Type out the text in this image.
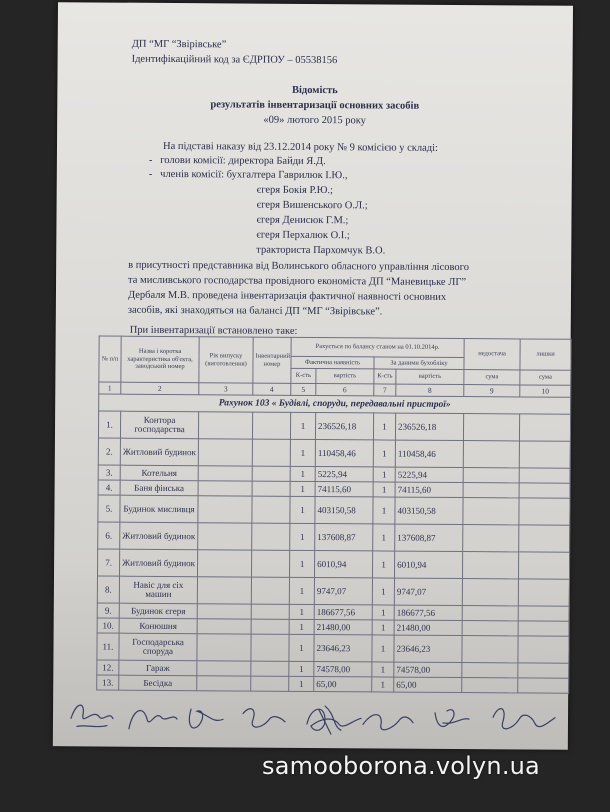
ДП “МГ “Звірівське”
Ідентифікаційний код за ЄДРПОУ – 05538156
Відомість
результатів інвентаризації основних засобів
«09» лютого 2015 року
На підставі наказу від 23.12.2014 року № 9 комісією у складі:
-   голови комісії: директора Байди Я.Д.
-   членів комісії: бухгалтера Гаврилюк І.Ю.,
єгеря Бокія Р.Ю.;
єгеря Вишенського О.Л.;
єгеря Денисюк Г.М.;
єгеря Перхалюк О.І.;
тракториста Пархомчук В.О.
в присутності представника від Волинського обласного управління лісового
та мисливського господарства провідного економіста ДП “Маневицьке ЛГ”
Дербаля М.В. проведена інвентаризація фактичної наявності основних
засобів, які знаходяться на балансі ДП “МГ “Звірівське”.
При інвентаризації встановлено таке:
№ п/п	Назва і коротка характеристика об'єкта, заводський номер	Рік випуску (виготовлення)	Інвентарний номер	Рахується по балансу станом на 01.10.2014р.				недостача	лишки
				Фактична наявність		За даними бухобліку			
				К-сть	вартість	К-сть	вартість	сума	сума
1	2	3	4	5	6	7	8	9	10
Рахунок 103 « Будівлі, споруди, передавальні пристрої»									
1.	Контора господарства			1	236526,18	1	236526,18		
2.	Житловий будинок			1	110458,46	1	110458,46		
3.	Котельня			1	5225,94	1	5225,94		
4.	Баня фінська			1	74115,60	1	74115,60		
5.	Будинок мисливця			1	403150,58	1	403150,58		
6.	Житловий будинок			1	137608,87	1	137608,87		
7.	Житловий будинок			1	6010,94	1	6010,94		
8.	Навіс для сіх машин			1	9747,07	1	9747,07		
9.	Будинок єгеря			1	186677,56	1	186677,56		
10.	Конюшня			1	21480,00	1	21480,00		
11.	Господарська споруда			1	23646,23	1	23646,23		
12.	Гараж			1	74578,00	1	74578,00		
13.	Бесідка			1	65,00	1	65,00		
samooborona.volyn.ua
